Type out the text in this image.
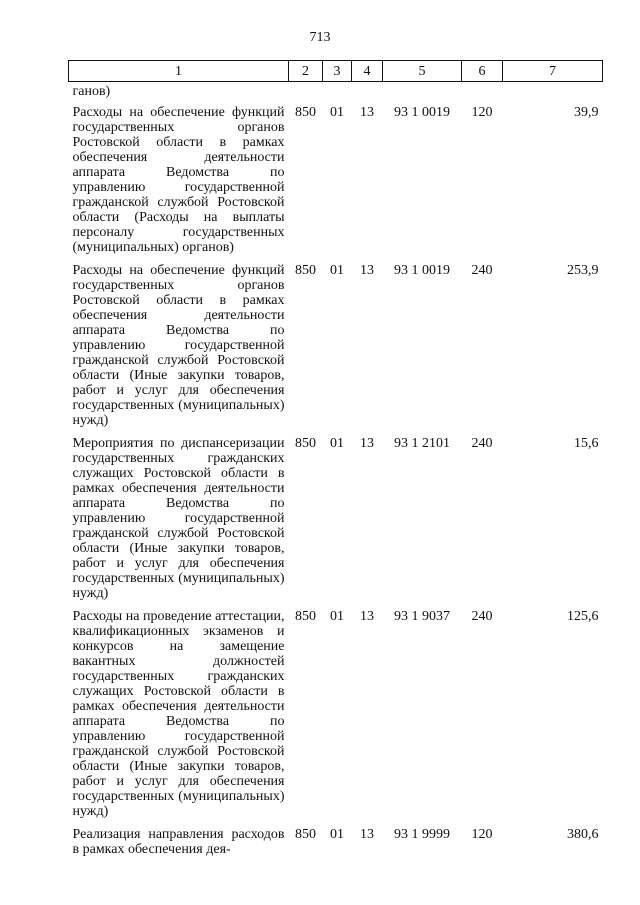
713
1	2	3	4	5	6	7
ганов)						
Расходы на обеспечение функций государственных органов Ростовской области в рамках обеспечения деятельности аппарата Ведомства по управлению государственной гражданской службой Ростовской области (Расходы на выплаты персоналу государственных (муниципальных) органов)	850	01	13	93 1 0019	120	39,9
Расходы на обеспечение функций государственных органов Ростовской области в рамках обеспечения деятельности аппарата Ведомства по управлению государственной гражданской службой Ростовской области (Иные закупки товаров, работ и услуг для обеспечения государственных (муниципальных) нужд)	850	01	13	93 1 0019	240	253,9
Мероприятия по диспансеризации государственных гражданских служащих Ростовской области в рамках обеспечения деятельности аппарата Ведомства по управлению государственной гражданской службой Ростовской области (Иные закупки товаров, работ и услуг для обеспечения государственных (муниципальных) нужд)	850	01	13	93 1 2101	240	15,6
Расходы на проведение аттестации, квалификационных экзаменов и конкурсов на замещение вакантных должностей государственных гражданских служащих Ростовской области в рамках обеспечения деятельности аппарата Ведомства по управлению государственной гражданской службой Ростовской области (Иные закупки товаров, работ и услуг для обеспечения государственных (муниципальных) нужд)	850	01	13	93 1 9037	240	125,6
Реализация направления расходов в рамках обеспечения дея-	850	01	13	93 1 9999	120	380,6
